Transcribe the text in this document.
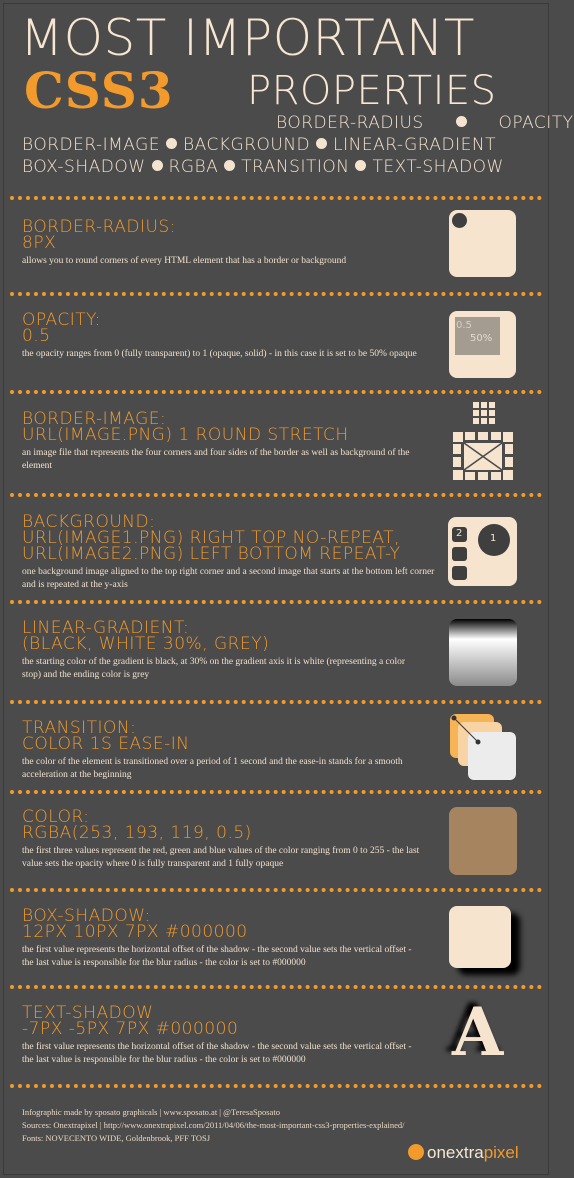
MOST IMPORTANT
CSS3 PROPERTIES
BORDER-RADIUS	OPACITY
BORDER-IMAGE BACKGROUND LINEAR-GRADIENT
BOX-SHADOW RGBA TRANSITION TEXT-SHADOW
BORDER-RADIUS:
8PX
allows you to round corners of every HTML element that has a border or background
OPACITY:
0.5
the opacity ranges from 0 (fully transparent) to 1 (opaque, solid) - in this case it is set to be 50% opaque
0.5
50%
BORDER-IMAGE:
URL(IMAGE.PNG) 1 ROUND STRETCH
an image file that represents the four corners and four sides of the border as well as background of the element
BACKGROUND:
URL(IMAGE1.PNG) RIGHT TOP NO-REPEAT,
URL(IMAGE2.PNG) LEFT BOTTOM REPEAT-Y
one background image aligned to the top right corner and a second image that starts at the bottom left corner and is repeated at the y-axis
1
2
LINEAR-GRADIENT:
(BLACK, WHITE 30%, GREY)
the starting color of the gradient is black, at 30% on the gradient axis it is white (representing a color stop) and the ending color is grey
TRANSITION:
COLOR 1S EASE-IN
the color of the element is transitioned over a period of 1 second and the ease-in stands for a smooth acceleration at the beginning
COLOR:
RGBA(253, 193, 119, 0.5)
the first three values represent the red, green and blue values of the color ranging from 0 to 255 - the last value sets the opacity where 0 is fully transparent and 1 fully opaque
BOX-SHADOW:
12PX 10PX 7PX #000000
the first value represents the horizontal offset of the shadow - the second value sets the vertical offset - the last value is responsible for the blur radius - the color is set to #000000
TEXT-SHADOW
-7PX -5PX 7PX #000000
the first value represents the horizontal offset of the shadow - the second value sets the vertical offset - the last value is responsible for the blur radius - the color is set to #000000	A
Infographic made by sposato graphicals | www.sposato.at | @TeresaSposato
Sources: Onextrapixel | http://www.onextrapixel.com/2011/04/06/the-most-important-css3-properties-explained/
Fonts: NOVECENTO WIDE, Goldenbrook, PFF TOSJ
onextrapixel
